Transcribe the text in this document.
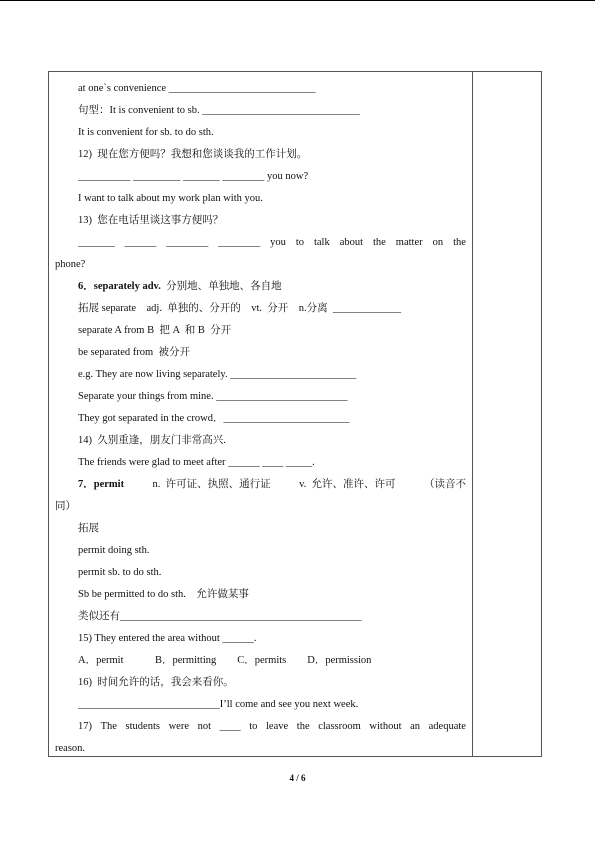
at one`s convenience ____________________________
句型：It is convenient to sb. ______________________________
It is convenient for sb. to do sth.
12)  现在您方便吗？我想和您谈谈我的工作计划。
__________ _________ _______ ________ you now?
I want to talk about my work plan with you.
13)  您在电话里谈这事方便吗？
_______ ______ ________ ________ you to talk about the matter on the
phone?
6．separately adv.  分别地、单独地、各自地
拓展 separate    adj.  单独的、分开的    vt.  分开    n.分离  _____________
separate A from B  把 A  和 B  分开
be separated from  被分开
e.g. They are now living separately. ________________________
Separate your things from mine. _________________________
They got separated in the crowd．________________________
14)  久别重逢，朋友门非常高兴.
The friends were glad to meet after ______ ____ _____.
7．permit	n.  许可证、执照、通行证	v.  允许、准许、许可	（读音不
同）
拓展
permit doing sth.
permit sb. to do sth.
Sb be permitted to do sth.    允许做某事
类似还有______________________________________________
15) They entered the area without ______.
A．permit            B．permitting        C．permits        D．permission
16)  时间允许的话，我会来看你。
___________________________I’ll come and see you next week.
17) The students were not ____ to leave the classroom without an adequate
reason.
4 / 6
